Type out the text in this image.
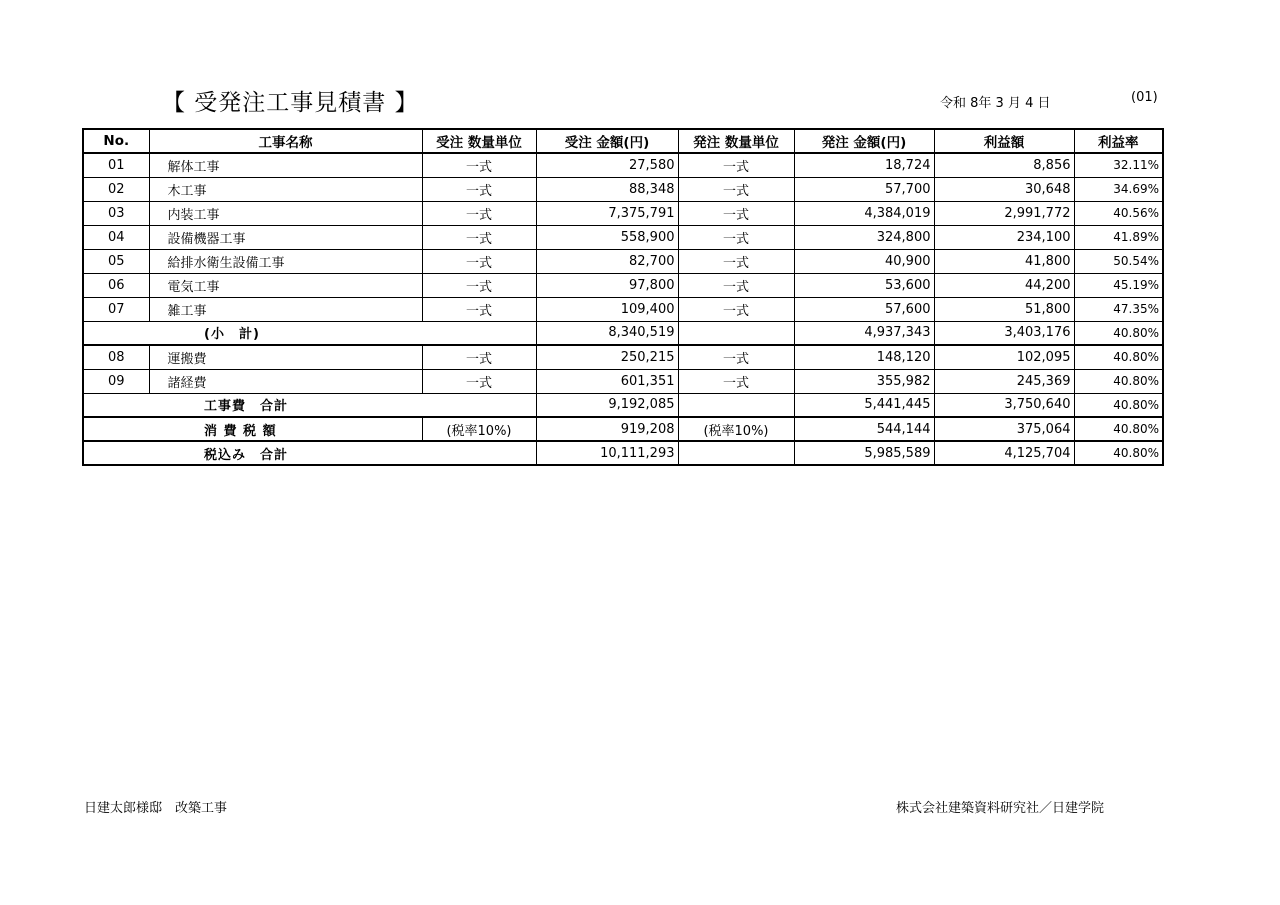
【 受発注工事見積書 】	令和 8年 3 月 4 日	(01)
No.	工事名称	受注 数量単位	受注 金額(円)	発注 数量単位	発注 金額(円)	利益額	利益率
01	解体工事	一式	27,580	一式	18,724	8,856	32.11%
02	木工事	一式	88,348	一式	57,700	30,648	34.69%
03	内装工事	一式	7,375,791	一式	4,384,019	2,991,772	40.56%
04	設備機器工事	一式	558,900	一式	324,800	234,100	41.89%
05	給排水衛生設備工事	一式	82,700	一式	40,900	41,800	50.54%
06	電気工事	一式	97,800	一式	53,600	44,200	45.19%
07	雑工事	一式	109,400	一式	57,600	51,800	47.35%
(小　計)			8,340,519		4,937,343	3,403,176	40.80%
08	運搬費	一式	250,215	一式	148,120	102,095	40.80%
09	諸経費	一式	601,351	一式	355,982	245,369	40.80%
工事費　合計			9,192,085		5,441,445	3,750,640	40.80%
消 費 税 額		(税率10%)	919,208	(税率10%)	544,144	375,064	40.80%
税込み　合計			10,111,293		5,985,589	4,125,704	40.80%
日建太郎様邸　改築工事	株式会社建築資料研究社／日建学院
